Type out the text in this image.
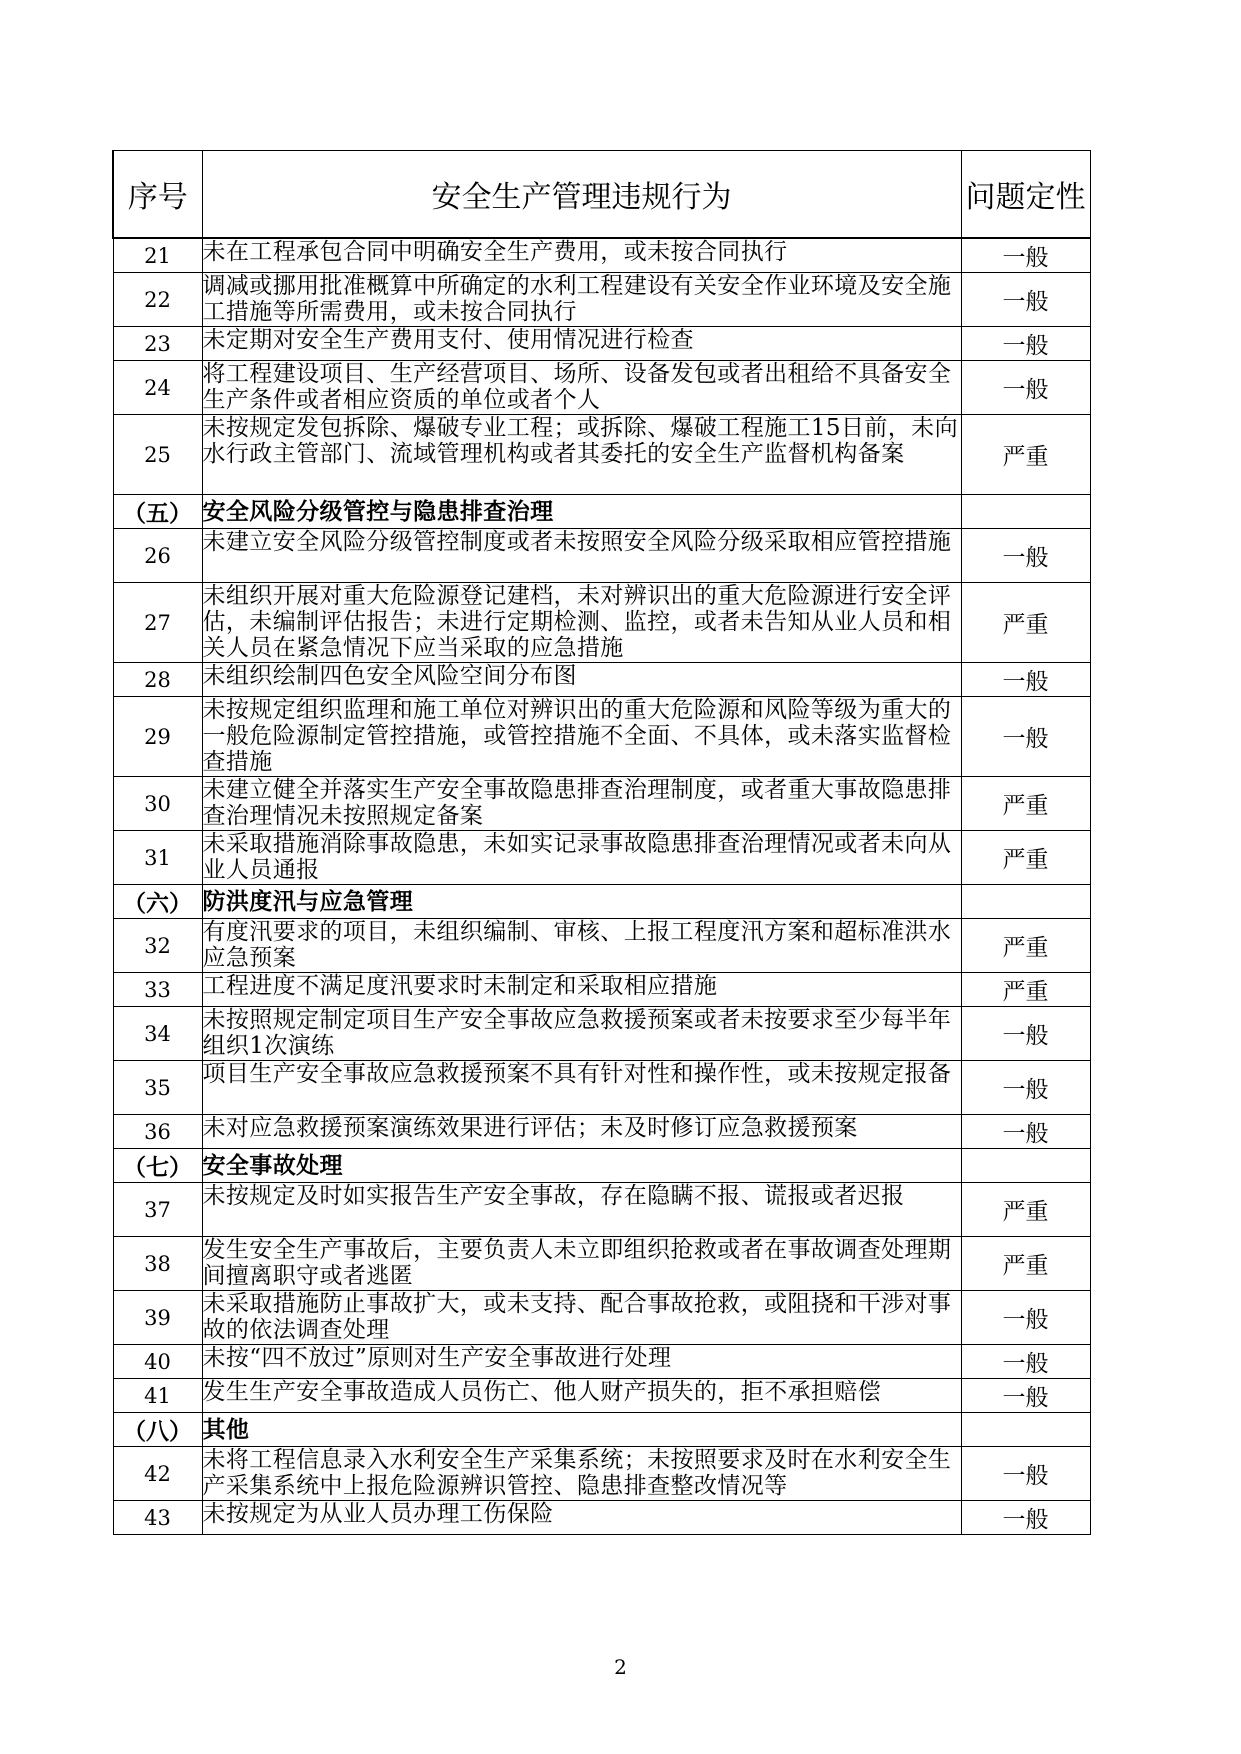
序号	安全生产管理违规行为	问题定性
21	未在工程承包合同中明确安全生产费用，或未按合同执行	一般
22	调减或挪用批准概算中所确定的水利工程建设有关安全作业环境及安全施工措施等所需费用，或未按合同执行	一般
23	未定期对安全生产费用支付、使用情况进行检查	一般
24	将工程建设项目、生产经营项目、场所、设备发包或者出租给不具备安全生产条件或者相应资质的单位或者个人	一般
25	未按规定发包拆除、爆破专业工程；或拆除、爆破工程施工15日前，未向水行政主管部门、流域管理机构或者其委托的安全生产监督机构备案	严重
（五）	安全风险分级管控与隐患排查治理	
26	未建立安全风险分级管控制度或者未按照安全风险分级采取相应管控措施	一般
27	未组织开展对重大危险源登记建档，未对辨识出的重大危险源进行安全评估，未编制评估报告；未进行定期检测、监控，或者未告知从业人员和相关人员在紧急情况下应当采取的应急措施	严重
28	未组织绘制四色安全风险空间分布图	一般
29	未按规定组织监理和施工单位对辨识出的重大危险源和风险等级为重大的一般危险源制定管控措施，或管控措施不全面、不具体，或未落实监督检查措施	一般
30	未建立健全并落实生产安全事故隐患排查治理制度，或者重大事故隐患排查治理情况未按照规定备案	严重
31	未采取措施消除事故隐患，未如实记录事故隐患排查治理情况或者未向从业人员通报	严重
（六）	防洪度汛与应急管理	
32	有度汛要求的项目，未组织编制、审核、上报工程度汛方案和超标准洪水应急预案	严重
33	工程进度不满足度汛要求时未制定和采取相应措施	严重
34	未按照规定制定项目生产安全事故应急救援预案或者未按要求至少每半年组织1次演练	一般
35	项目生产安全事故应急救援预案不具有针对性和操作性，或未按规定报备	一般
36	未对应急救援预案演练效果进行评估；未及时修订应急救援预案	一般
（七）	安全事故处理	
37	未按规定及时如实报告生产安全事故，存在隐瞒不报、谎报或者迟报	严重
38	发生安全生产事故后，主要负责人未立即组织抢救或者在事故调查处理期间擅离职守或者逃匿	严重
39	未采取措施防止事故扩大，或未支持、配合事故抢救，或阻挠和干涉对事故的依法调查处理	一般
40	未按“四不放过”原则对生产安全事故进行处理	一般
41	发生生产安全事故造成人员伤亡、他人财产损失的，拒不承担赔偿	一般
（八）	其他	
42	未将工程信息录入水利安全生产采集系统；未按照要求及时在水利安全生产采集系统中上报危险源辨识管控、隐患排查整改情况等	一般
43	未按规定为从业人员办理工伤保险	一般
2
